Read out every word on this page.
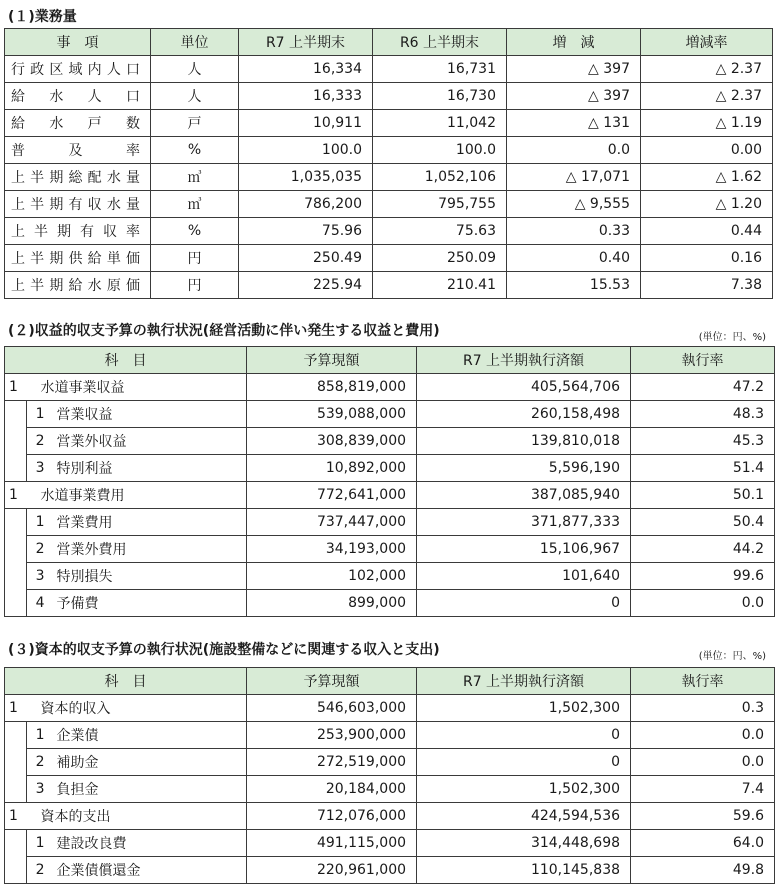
(１)業務量
事　項	単位	R7 上半期末	R6 上半期末	増　減	増減率
行政区域内人口	人	16,334	16,731	△ 397	△ 2.37
給水人口	人	16,333	16,730	△ 397	△ 2.37
給水戸数	戸	10,911	11,042	△ 131	△ 1.19
普及率	%	100.0	100.0	0.0	0.00
上半期総配水量	㎥	1,035,035	1,052,106	△ 17,071	△ 1.62
上半期有収水量	㎥	786,200	795,755	△ 9,555	△ 1.20
上半期有収率	%	75.96	75.63	0.33	0.44
上半期供給単価	円	250.49	250.09	0.40	0.16
上半期給水原価	円	225.94	210.41	15.53	7.38
(２)収益的収支予算の執行状況(経営活動に伴い発生する収益と費用)	(単位：円、%)
科　目			予算現額	R7 上半期執行済額	執行率
1	水道事業収益		858,819,000	405,564,706	47.2
	1	営業収益	539,088,000	260,158,498	48.3
	2	営業外収益	308,839,000	139,810,018	45.3
	3	特別利益	10,892,000	5,596,190	51.4
1	水道事業費用		772,641,000	387,085,940	50.1
	1	営業費用	737,447,000	371,877,333	50.4
	2	営業外費用	34,193,000	15,106,967	44.2
	3	特別損失	102,000	101,640	99.6
	4	予備費	899,000	0	0.0
(３)資本的収支予算の執行状況(施設整備などに関連する収入と支出)	(単位：円、%)
科　目			予算現額	R7 上半期執行済額	執行率
1	資本的収入		546,603,000	1,502,300	0.3
	1	企業債	253,900,000	0	0.0
	2	補助金	272,519,000	0	0.0
	3	負担金	20,184,000	1,502,300	7.4
1	資本的支出		712,076,000	424,594,536	59.6
	1	建設改良費	491,115,000	314,448,698	64.0
	2	企業債償還金	220,961,000	110,145,838	49.8
